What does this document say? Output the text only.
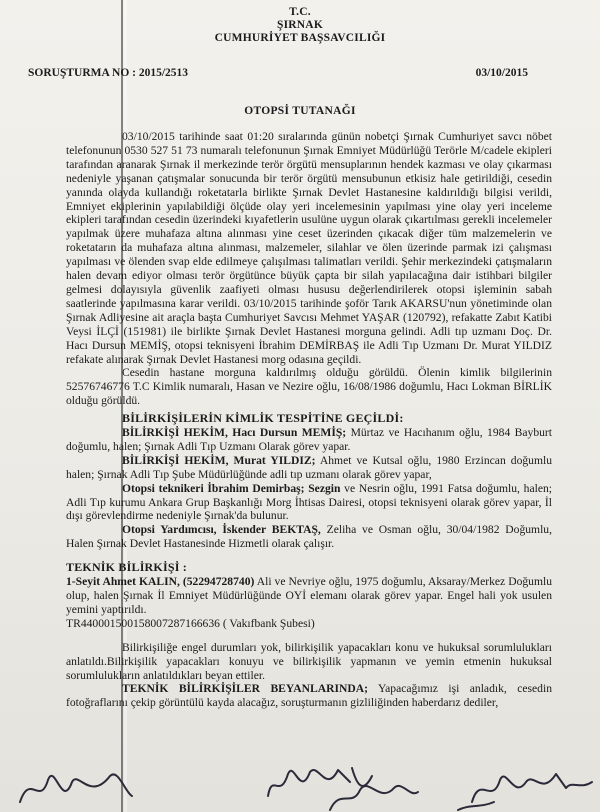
T.C.
ŞIRNAK
CUMHURİYET BAŞSAVCILIĞI
SORUŞTURMA NO : 2015/2513	03/10/2015
OTOPSİ TUTANAĞI

03/10/2015 tarihinde saat 01:20 sıralarında günün nobetçi Şırnak Cumhuriyet savcı nöbet telefonunun 0530 527 51 73 numaralı telefonunun Şırnak Emniyet Müdürlüğü Terörle M/cadele ekipleri tarafından aranarak Şırnak il merkezinde terör örgütü mensuplarının hendek kazması ve olay çıkarması nedeniyle yaşanan çatışmalar sonucunda bir terör örgütü mensubunun etkisiz hale getirildiği, cesedin yanında olayda kullandığı roketatarla birlikte Şırnak Devlet Hastanesine kaldırıldığı bilgisi verildi, Emniyet ekiplerinin yapılabildiği ölçüde olay yeri incelemesinin yapılması yine olay yeri inceleme ekipleri tarafından cesedin üzerindeki kıyafetlerin usulüne uygun olarak çıkartılması gerekli incelemeler yapılmak üzere muhafaza altına alınması yine ceset üzerinden çıkacak diğer tüm malzemelerin ve roketatarın da muhafaza altına alınması, malzemeler, silahlar ve ölen üzerinde parmak izi çalışması yapılması ve ölenden svap elde edilmeye çalışılması talimatları verildi. Şehir merkezindeki çatışmaların halen devam ediyor olması terör örgütünce büyük çapta bir silah yapılacağına dair istihbari bilgiler gelmesi dolayısıyla güvenlik zaafiyeti olması hususu değerlendirilerek otopsi işleminin sabah saatlerinde yapılmasına karar verildi. 03/10/2015 tarihinde şoför Tarık AKARSU'nun yönetiminde olan Şırnak Adliyesine ait araçla başta Cumhuriyet Savcısı Mehmet YAŞAR (120792), refakatte Zabıt Katibi Veysi İLÇİ (151981) ile birlikte Şırnak Devlet Hastanesi morguna gelindi. Adli tıp uzmanı Doç. Dr. Hacı Dursun MEMİŞ, otopsi teknisyeni İbrahim DEMİRBAŞ ile Adli Tıp Uzmanı Dr. Murat YILDIZ refakate alınarak Şırnak Devlet Hastanesi morg odasına geçildi.

Cesedin hastane morguna kaldırılmış olduğu görüldü. Ölenin kimlik bilgilerinin 52576746776 T.C Kimlik numaralı, Hasan ve Nezire oğlu, 16/08/1986 doğumlu, Hacı Lokman BİRLİK olduğu görüldü.

BİLİRKİŞİLERİN KİMLİK TESPİTİNE GEÇİLDİ:

BİLİRKİŞİ HEKİM, Hacı Dursun MEMİŞ; Mürtaz ve Hacıhanım oğlu, 1984 Bayburt doğumlu, halen; Şırnak Adli Tıp Uzmanı Olarak görev yapar.

BİLİRKİŞİ HEKİM, Murat YILDIZ; Ahmet ve Kutsal oğlu, 1980 Erzincan doğumlu halen; Şırnak Adli Tıp Şube Müdürlüğünde adli tıp uzmanı olarak görev yapar,

Otopsi teknikeri İbrahim Demirbaş; Sezgin ve Nesrin oğlu, 1991 Fatsa doğumlu, halen; Adli Tıp kurumu Ankara Grup Başkanlığı Morg İhtisas Dairesi, otopsi teknisyeni olarak görev yapar, İl dışı görevlendirme nedeniyle Şırnak'da bulunur.

Otopsi Yardımcısı, İskender BEKTAŞ, Zeliha ve Osman oğlu, 30/04/1982 Doğumlu, Halen Şırnak Devlet Hastanesinde Hizmetli olarak çalışır.

TEKNİK BİLİRKİŞİ :

1-Seyit Ahmet KALIN, (52294728740) Ali ve Nevriye oğlu, 1975 doğumlu, Aksaray/Merkez Doğumlu olup, halen Şırnak İl Emniyet Müdürlüğünde OYİ elemanı olarak görev yapar. Engel hali yok usulen yemini yaptırıldı.

TR440001500158007287166636 ( Vakıfbank Şubesi)

Bilirkişiliğe engel durumları yok, bilirkişilik yapacakları konu ve hukuksal sorumlulukları anlatıldı.Bilirkişilik yapacakları konuyu ve bilirkişilik yapmanın ve yemin etmenin hukuksal sorumlulukların anlatıldıkları beyan ettiler.

TEKNİK BİLİRKİŞİLER BEYANLARINDA; Yapacağımız işi anladık, cesedin fotoğraflarını çekip görüntülü kayda alacağız, soruşturmanın gizliliğinden haberdarız dediler,
